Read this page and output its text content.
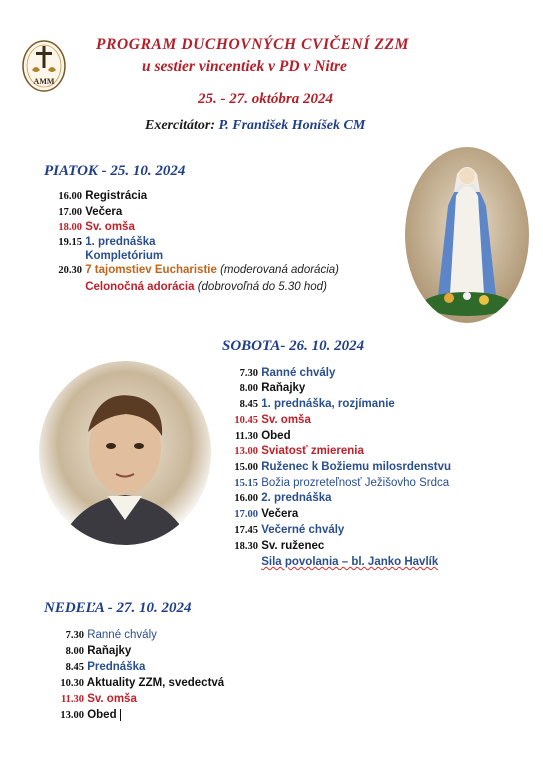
AMM
PROGRAM DUCHOVNÝCH CVIČENÍ ZZM
u sestier vincentiek v PD v Nitre
25. - 27. októbra 2024
Exercitátor: P. František Honíšek CM
PIATOK - 25. 10. 2024
16.00 Registrácia
17.00 Večera
18.00 Sv. omša
19.15 1. prednáška
Kompletórium
20.30 7 tajomstiev Eucharistie (moderovaná adorácia)
Celonočná adorácia (dobrovoľná do 5.30 hod)
SOBOTA- 26. 10. 2024
7.30 Ranné chvály
8.00 Raňajky
8.45 1. prednáška, rozjímanie
10.45 Sv. omša
11.30 Obed
13.00 Sviatosť zmierenia
15.00 Ruženec k Božiemu milosrdenstvu
15.15 Božia prozreteľnosť Ježišovho Srdca
16.00 2. prednáška
17.00 Večera
17.45 Večerné chvály
18.30 Sv. ruženec
Sila povolania – bl. Janko Havlík
NEDEĽA - 27. 10. 2024
7.30 Ranné chvály
8.00 Raňajky
8.45 Prednáška
10.30 Aktuality ZZM, svedectvá
11.30 Sv. omša
13.00 Obed
